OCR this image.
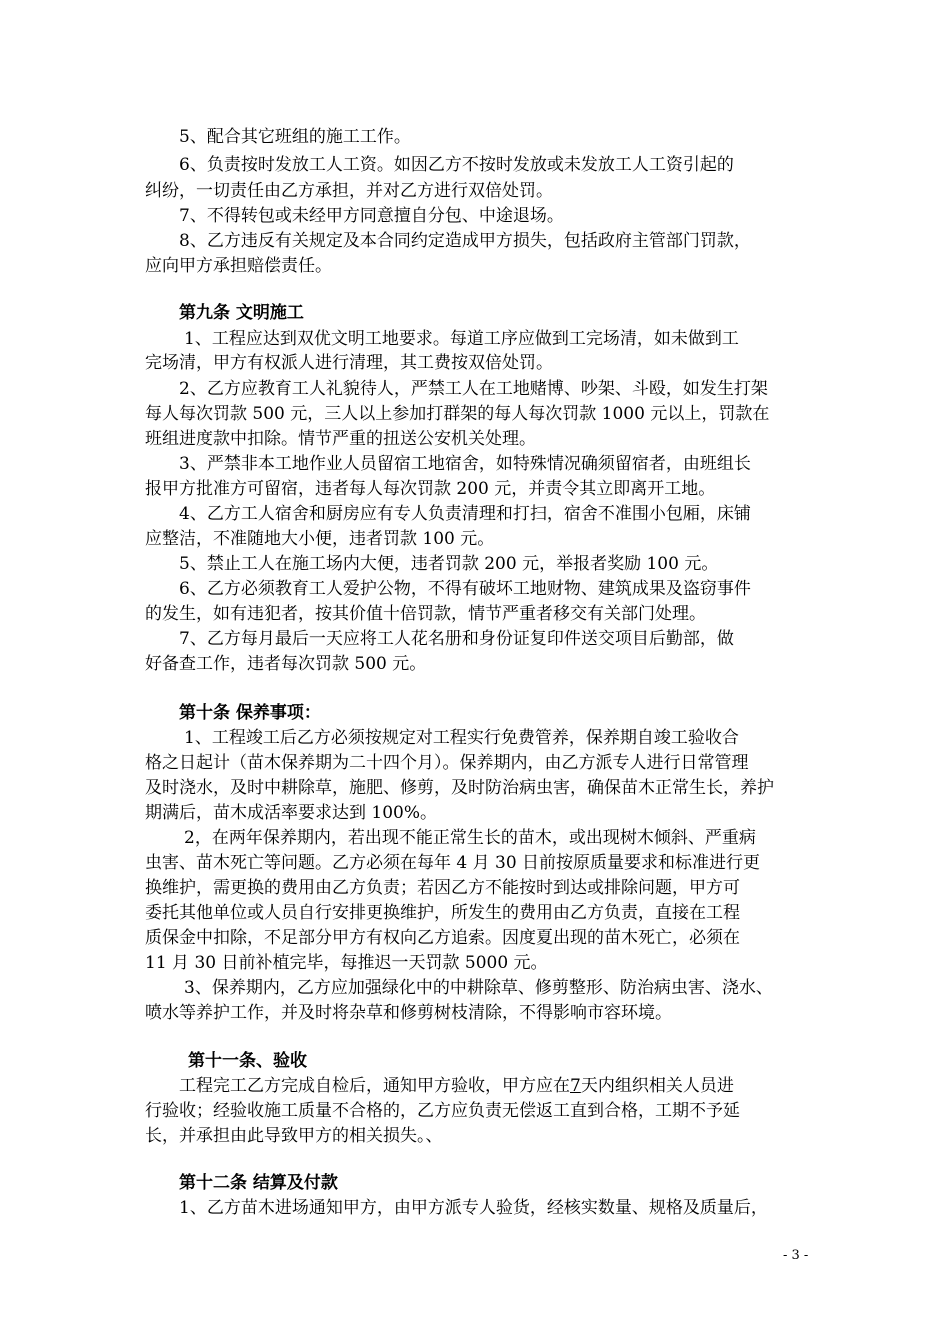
5、配合其它班组的施工工作。
6、负责按时发放工人工资。如因乙方不按时发放或未发放工人工资引起的
纠纷，一切责任由乙方承担，并对乙方进行双倍处罚。
7、不得转包或未经甲方同意擅自分包、中途退场。
8、乙方违反有关规定及本合同约定造成甲方损失，包括政府主管部门罚款，
应向甲方承担赔偿责任。
第九条 文明施工
1、工程应达到双优文明工地要求。每道工序应做到工完场清，如未做到工
完场清，甲方有权派人进行清理，其工费按双倍处罚。
2、乙方应教育工人礼貌待人，严禁工人在工地赌博、吵架、斗殴，如发生打架
每人每次罚款 500 元，三人以上参加打群架的每人每次罚款 1000 元以上，罚款在
班组进度款中扣除。情节严重的扭送公安机关处理。
3、严禁非本工地作业人员留宿工地宿舍，如特殊情况确须留宿者，由班组长
报甲方批准方可留宿，违者每人每次罚款 200 元，并责令其立即离开工地。
4、乙方工人宿舍和厨房应有专人负责清理和打扫，宿舍不准围小包厢，床铺
应整洁，不准随地大小便，违者罚款 100 元。
5、禁止工人在施工场内大便，违者罚款 200 元，举报者奖励 100 元。
6、乙方必须教育工人爱护公物，不得有破坏工地财物、建筑成果及盗窃事件
的发生，如有违犯者，按其价值十倍罚款，情节严重者移交有关部门处理。
7、乙方每月最后一天应将工人花名册和身份证复印件送交项目后勤部，做
好备查工作，违者每次罚款 500 元。
第十条 保养事项：
1、工程竣工后乙方必须按规定对工程实行免费管养，保养期自竣工验收合
格之日起计（苗木保养期为二十四个月）。保养期内，由乙方派专人进行日常管理
及时浇水，及时中耕除草，施肥、修剪，及时防治病虫害，确保苗木正常生长，养护
期满后，苗木成活率要求达到 100%。
2，在两年保养期内，若出现不能正常生长的苗木，或出现树木倾斜、严重病
虫害、苗木死亡等问题。乙方必须在每年 4 月 30 日前按原质量要求和标准进行更
换维护，需更换的费用由乙方负责；若因乙方不能按时到达或排除问题，甲方可
委托其他单位或人员自行安排更换维护，所发生的费用由乙方负责，直接在工程
质保金中扣除，不足部分甲方有权向乙方追索。因度夏出现的苗木死亡，必须在
11 月 30 日前补植完毕，每推迟一天罚款 5000 元。
3、保养期内，乙方应加强绿化中的中耕除草、修剪整形、防治病虫害、浇水、
喷水等养护工作，并及时将杂草和修剪树枝清除，不得影响市容环境。
第十一条、验收
工程完工乙方完成自检后，通知甲方验收，甲方应在7天内组织相关人员进
行验收；经验收施工质量不合格的，乙方应负责无偿返工直到合格，工期不予延
长，并承担由此导致甲方的相关损失。、
第十二条 结算及付款
1、乙方苗木进场通知甲方，由甲方派专人验货，经核实数量、规格及质量后，
- 3 -
